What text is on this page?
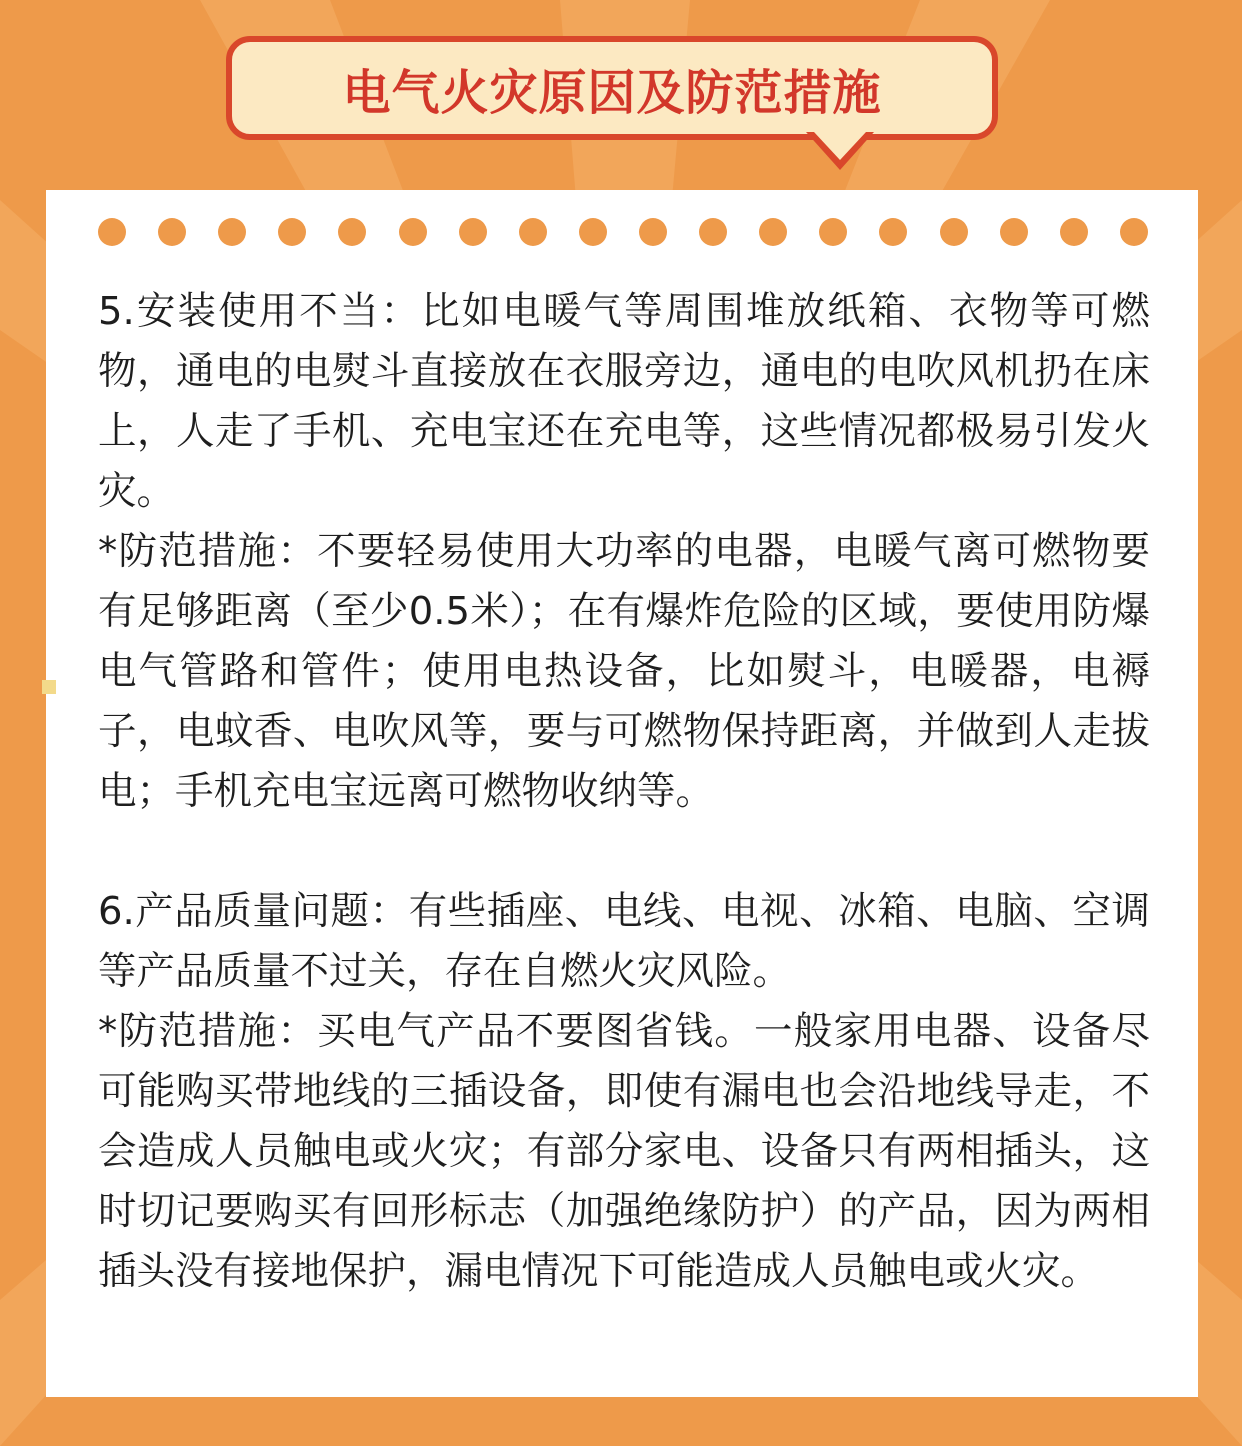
电气火灾原因及防范措施

5.安装使用不当：比如电暖气等周围堆放纸箱、衣物等可燃物，通电的电熨斗直接放在衣服旁边，通电的电吹风机扔在床上，人走了手机、充电宝还在充电等，这些情况都极易引发火灾。

*防范措施：不要轻易使用大功率的电器，电暖气离可燃物要有足够距离（至少0.5米）；在有爆炸危险的区域，要使用防爆电气管路和管件；使用电热设备，比如熨斗，电暖器，电褥子，电蚊香、电吹风等，要与可燃物保持距离，并做到人走拔电；手机充电宝远离可燃物收纳等。

6.产品质量问题：有些插座、电线、电视、冰箱、电脑、空调等产品质量不过关，存在自燃火灾风险。

*防范措施：买电气产品不要图省钱。一般家用电器、设备尽可能购买带地线的三插设备，即使有漏电也会沿地线导走，不会造成人员触电或火灾；有部分家电、设备只有两相插头，这时切记要购买有回形标志（加强绝缘防护）的产品，因为两相插头没有接地保护，漏电情况下可能造成人员触电或火灾。
